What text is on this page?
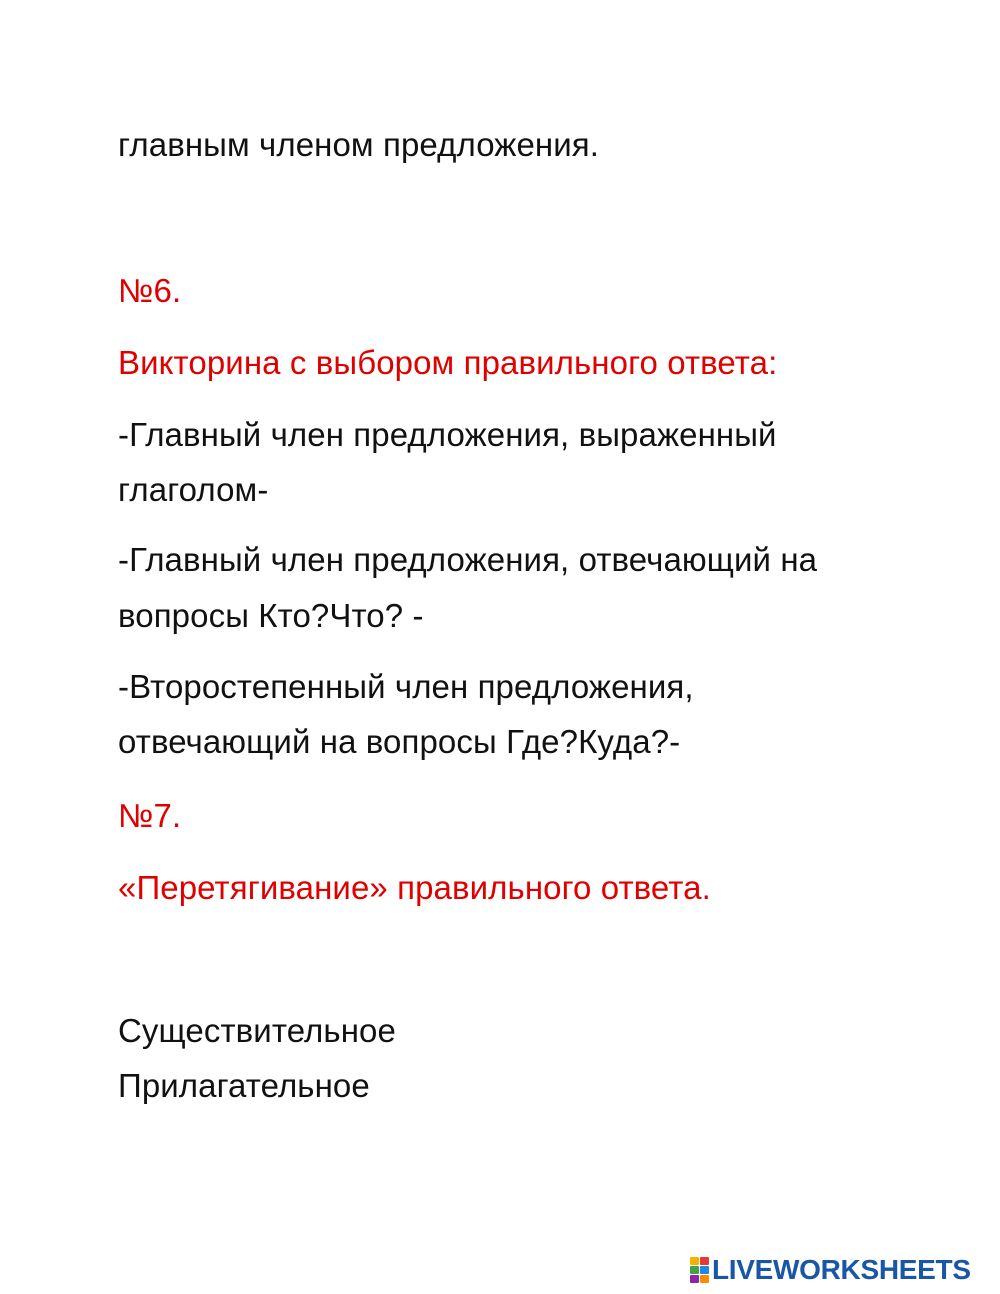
главным членом предложения.
№6.
Викторина с выбором правильного ответа:
-Главный член предложения, выраженный
глаголом-
-Главный член предложения, отвечающий на
вопросы Кто?Что? -
-Второстепенный член предложения,
отвечающий на вопросы Где?Куда?-
№7.
«Перетягивание» правильного ответа.
Существительное
Прилагательное
LIVEWORKSHEETS
